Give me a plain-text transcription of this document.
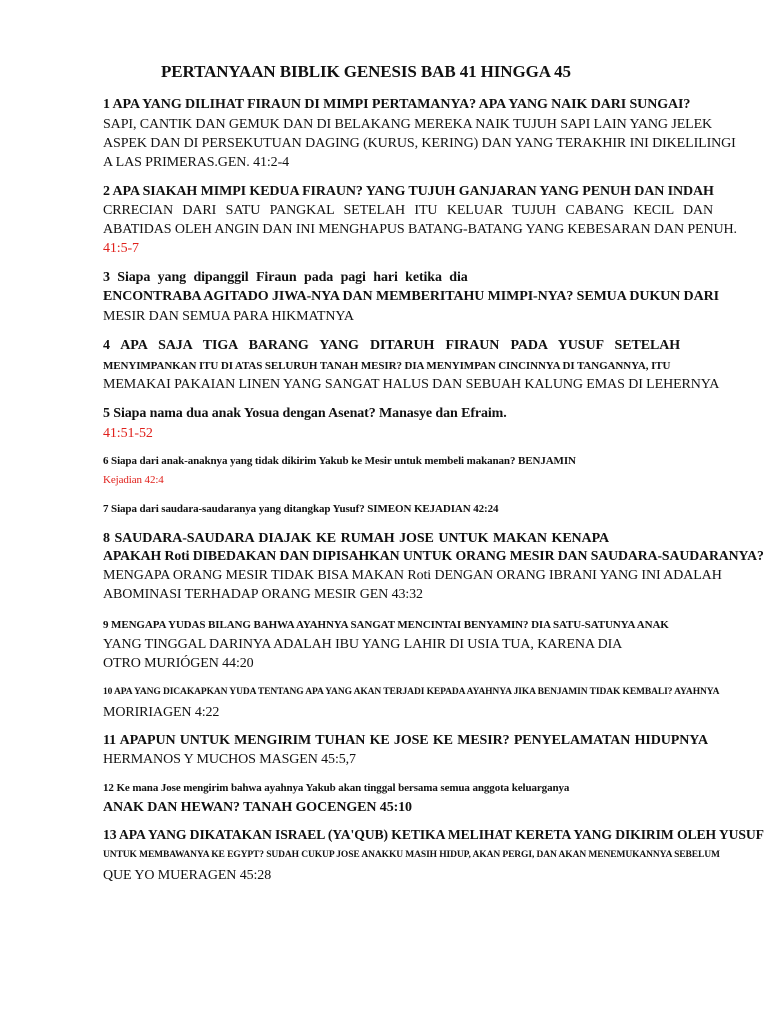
PERTANYAAN BIBLIK GENESIS BAB 41 HINGGA 45
1 APA YANG DILIHAT FIRAUN DI MIMPI PERTAMANYA? APA YANG NAIK DARI SUNGAI?
SAPI, CANTIK DAN GEMUK DAN DI BELAKANG MEREKA NAIK TUJUH SAPI LAIN YANG JELEK
ASPEK DAN DI PERSEKUTUAN DAGING (KURUS, KERING) DAN YANG TERAKHIR INI DIKELILINGI
A LAS PRIMERAS.GEN. 41:2-4
2 APA SIAKAH MIMPI KEDUA FIRAUN? YANG TUJUH GANJARAN YANG PENUH DAN INDAH
CRRECIAN DARI SATU PANGKAL SETELAH ITU KELUAR TUJUH CABANG KECIL DAN
ABATIDAS OLEH ANGIN DAN INI MENGHAPUS BATANG-BATANG YANG KEBESARAN DAN PENUH.
41:5-7
3 Siapa yang dipanggil Firaun pada pagi hari ketika dia
ENCONTRABA AGITADO JIWA-NYA DAN MEMBERITAHU MIMPI-NYA? SEMUA DUKUN DARI
MESIR DAN SEMUA PARA HIKMATNYA
4 APA SAJA TIGA BARANG YANG DITARUH FIRAUN PADA YUSUF SETELAH
MENYIMPANKAN ITU DI ATAS SELURUH TANAH MESIR? DIA MENYIMPAN CINCINNYA DI TANGANNYA, ITU
MEMAKAI PAKAIAN LINEN YANG SANGAT HALUS DAN SEBUAH KALUNG EMAS DI LEHERNYA
5 Siapa nama dua anak Yosua dengan Asenat? Manasye dan Efraim.
41:51-52
6 Siapa dari anak-anaknya yang tidak dikirim Yakub ke Mesir untuk membeli makanan? BENJAMIN
Kejadian 42:4
7 Siapa dari saudara-saudaranya yang ditangkap Yusuf? SIMEON KEJADIAN 42:24
8 SAUDARA-SAUDARA DIAJAK KE RUMAH JOSE UNTUK MAKAN KENAPA
APAKAH Roti DIBEDAKAN DAN DIPISAHKAN UNTUK ORANG MESIR DAN SAUDARA-SAUDARANYA?
MENGAPA ORANG MESIR TIDAK BISA MAKAN Roti DENGAN ORANG IBRANI YANG INI ADALAH
ABOMINASI TERHADAP ORANG MESIR GEN 43:32
9 MENGAPA YUDAS BILANG BAHWA AYAHNYA SANGAT MENCINTAI BENYAMIN? DIA SATU-SATUNYA ANAK
YANG TINGGAL DARINYA ADALAH IBU YANG LAHIR DI USIA TUA, KARENA DIA
OTRO MURIÓGEN 44:20
10 APA YANG DICAKAPKAN YUDA TENTANG APA YANG AKAN TERJADI KEPADA AYAHNYA JIKA BENJAMIN TIDAK KEMBALI? AYAHNYA
MORIRIAGEN 4:22
11 APAPUN UNTUK MENGIRIM TUHAN KE JOSE KE MESIR? PENYELAMATAN HIDUPNYA
HERMANOS Y MUCHOS MASGEN 45:5,7
12 Ke mana Jose mengirim bahwa ayahnya Yakub akan tinggal bersama semua anggota keluarganya
ANAK DAN HEWAN? TANAH GOCENGEN 45:10
13 APA YANG DIKATAKAN ISRAEL (YA'QUB) KETIKA MELIHAT KERETA YANG DIKIRIM OLEH YUSUF
UNTUK MEMBAWANYA KE EGYPT? SUDAH CUKUP JOSE ANAKKU MASIH HIDUP, AKAN PERGI, DAN AKAN MENEMUKANNYA SEBELUM
QUE YO MUERAGEN 45:28
